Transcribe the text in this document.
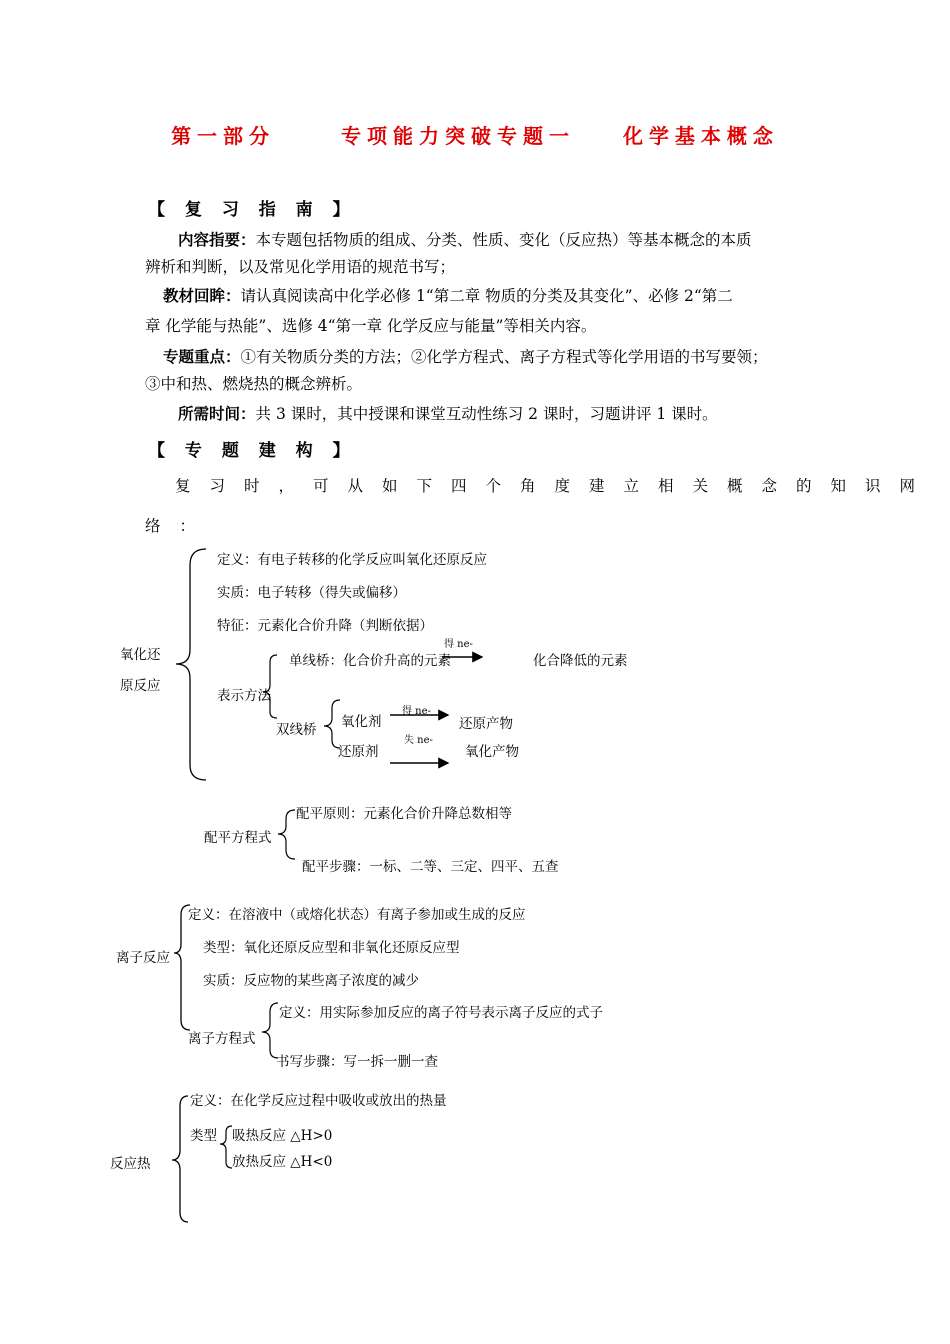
第一部分	专项能力突破专题一 化学基本概念
【 复 习 指 南 】
内容指要：本专题包括物质的组成、分类、性质、变化（反应热）等基本概念的本质
辨析和判断，以及常见化学用语的规范书写；
教材回眸：请认真阅读高中化学必修 1“第二章 物质的分类及其变化”、必修 2“第二
章 化学能与热能”、选修 4“第一章 化学反应与能量”等相关内容。
专题重点：①有关物质分类的方法；②化学方程式、离子方程式等化学用语的书写要领；
③中和热、燃烧热的概念辨析。
所需时间：共 3 课时，其中授课和课堂互动性练习 2 课时，习题讲评 1 课时。
【 专 题 建 构 】
复习时，可从如下四个角度建立相关概念的知识网
络：
氧化还
原反应
定义：有电子转移的化学反应叫氧化还原反应
实质：电子转移（得失或偏移）
特征：元素化合价升降（判断依据）
表示方法
单线桥：化合价升高的元素
得 ne-
化合降低的元素
双线桥 氧化剂
得 ne-
还原产物
还原剂
失 ne-
氧化产物
配平方程式
配平原则：元素化合价升降总数相等
配平步骤：一标、二等、三定、四平、五查
离子反应
定义：在溶液中（或熔化状态）有离子参加或生成的反应
类型：氧化还原反应型和非氧化还原反应型
实质：反应物的某些离子浓度的减少
离子方程式
定义：用实际参加反应的离子符号表示离子反应的式子
书写步骤：写一拆一删一查
反应热
定义：在化学反应过程中吸收或放出的热量
类型 吸热反应 △H>0
放热反应 △H<0
